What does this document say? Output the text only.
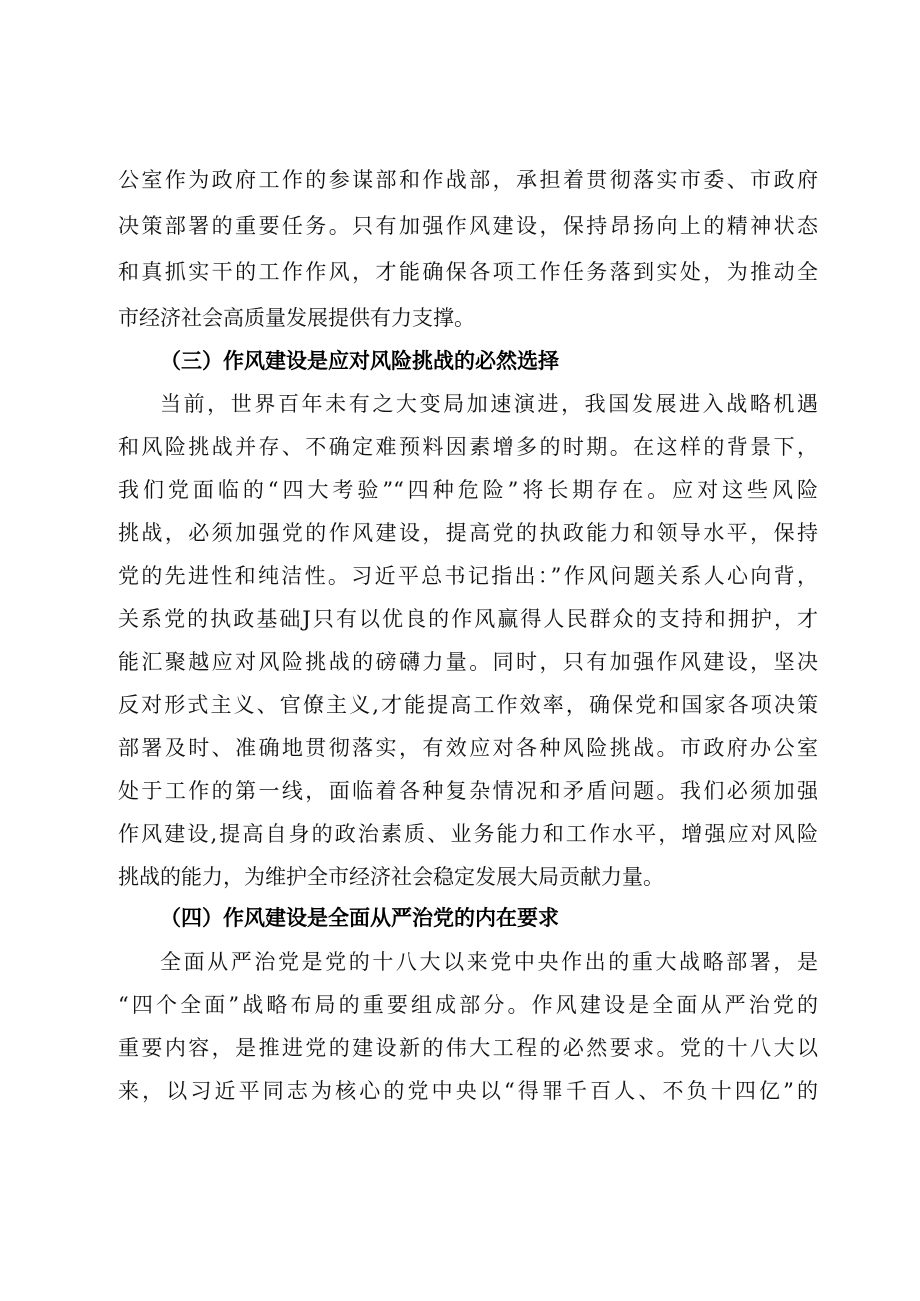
公室作为政府工作的参谋部和作战部，承担着贯彻落实市委、市政府

决策部署的重要任务。只有加强作风建设，保持昂扬向上的精神状态

和真抓实干的工作作风，才能确保各项工作任务落到实处，为推动全

市经济社会高质量发展提供有力支撑。

（三）作风建设是应对风险挑战的必然选择

当前，世界百年未有之大变局加速演进，我国发展进入战略机遇

和风险挑战并存、不确定难预料因素增多的时期。在这样的背景下，

我们党面临的“四大考验”“四种危险”将长期存在。应对这些风险

挑战，必须加强党的作风建设，提高党的执政能力和领导水平，保持

党的先进性和纯洁性。习近平总书记指出：”作风问题关系人心向背，

关系党的执政基础J只有以优良的作风赢得人民群众的支持和拥护，才

能汇聚越应对风险挑战的磅礴力量。同时，只有加强作风建设，坚决

反对形式主义、官僚主义,才能提高工作效率，确保党和国家各项决策

部署及时、准确地贯彻落实，有效应对各种风险挑战。市政府办公室

处于工作的第一线，面临着各种复杂情况和矛盾问题。我们必须加强

作风建设,提高自身的政治素质、业务能力和工作水平，增强应对风险

挑战的能力，为维护全市经济社会稳定发展大局贡献力量。

（四）作风建设是全面从严治党的内在要求

全面从严治党是党的十八大以来党中央作出的重大战略部署，是

“四个全面”战略布局的重要组成部分。作风建设是全面从严治党的

重要内容，是推进党的建设新的伟大工程的必然要求。党的十八大以

来，以习近平同志为核心的党中央以“得罪千百人、不负十四亿”的
